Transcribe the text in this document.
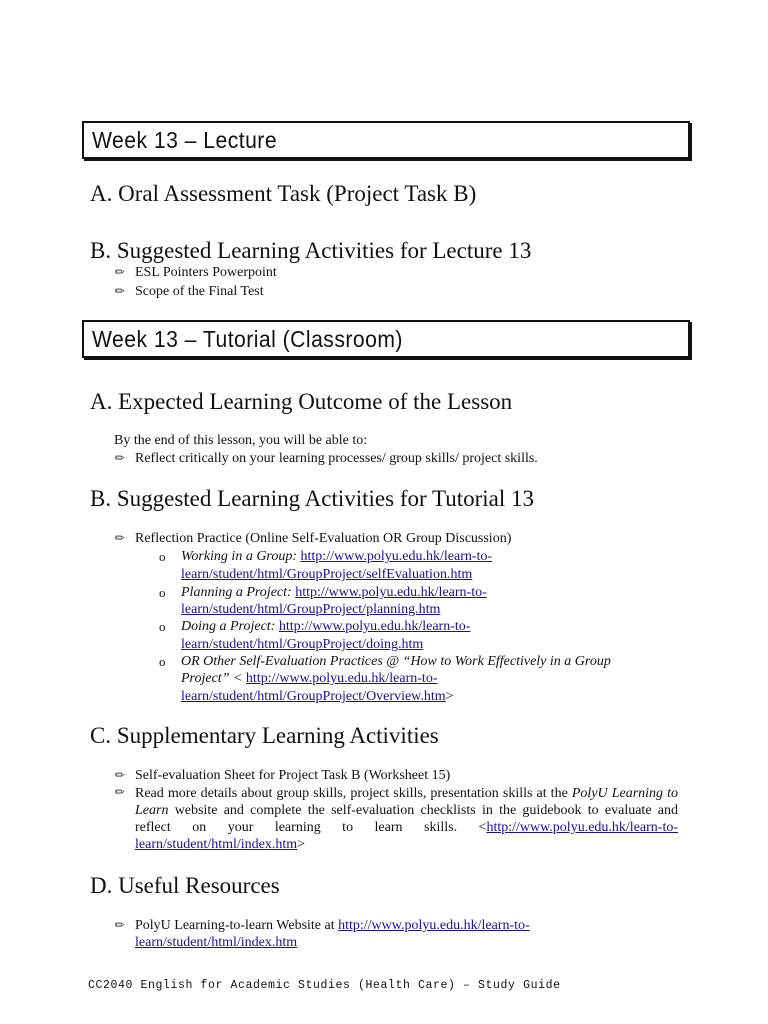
Week 13 – Lecture
A. Oral Assessment Task (Project Task B)
B. Suggested Learning Activities for Lecture 13
✎ ESL Pointers Powerpoint
✎ Scope of the Final Test
Week 13 – Tutorial (Classroom)
A. Expected Learning Outcome of the Lesson
By the end of this lesson, you will be able to:
✎ Reflect critically on your learning processes/ group skills/ project skills.
B. Suggested Learning Activities for Tutorial 13
✎ Reflection Practice (Online Self-Evaluation OR Group Discussion)
o Working in a Group: http://www.polyu.edu.hk/learn-to-
learn/student/html/GroupProject/selfEvaluation.htm
o Planning a Project: http://www.polyu.edu.hk/learn-to-
learn/student/html/GroupProject/planning.htm
o Doing a Project: http://www.polyu.edu.hk/learn-to-
learn/student/html/GroupProject/doing.htm
o OR Other Self-Evaluation Practices @ “How to Work Effectively in a Group
Project” < http://www.polyu.edu.hk/learn-to-
learn/student/html/GroupProject/Overview.htm>
C. Supplementary Learning Activities
✎ Self-evaluation Sheet for Project Task B (Worksheet 15)
✎ Read more details about group skills, project skills, presentation skills at the PolyU Learning to Learn website and complete the self-evaluation checklists in the guidebook to evaluate and reflect on your learning to learn skills. <http://www.polyu.edu.hk/learn-to-learn/student/html/index.htm>
D. Useful Resources
✎ PolyU Learning-to-learn Website at http://www.polyu.edu.hk/learn-to-
learn/student/html/index.htm
CC2040 English for Academic Studies (Health Care) – Study Guide
